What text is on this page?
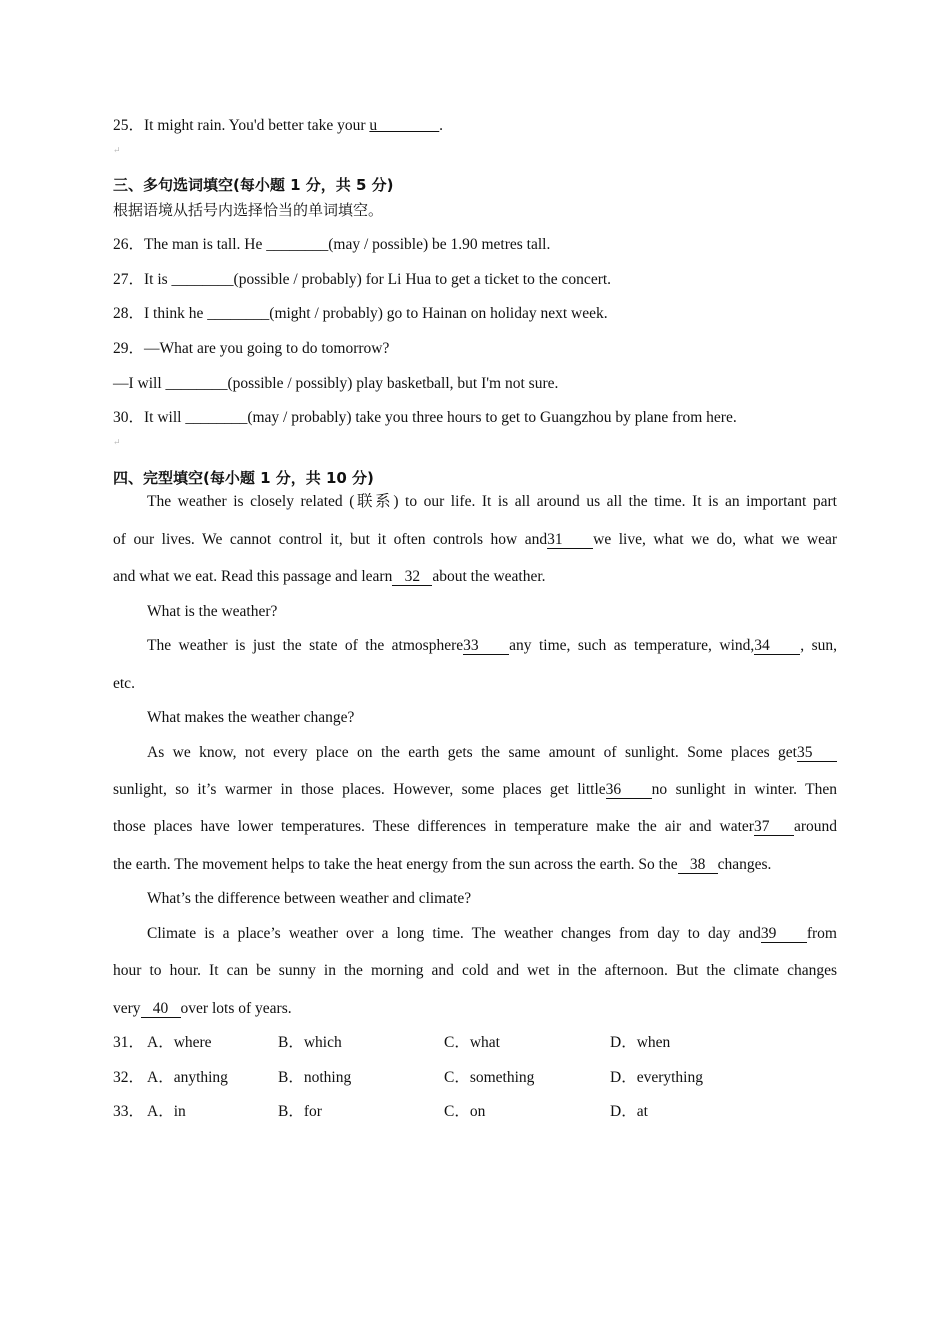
25．It might rain. You'd better take your u________.
↵
三、多句选词填空(每小题 1 分，共 5 分)
根据语境从括号内选择恰当的单词填空。
26．The man is tall. He ________(may / possible) be 1.90 metres tall.
27．It is ________(possible / probably) for Li Hua to get a ticket to the concert.
28．I think he ________(might / probably) go to Hainan on holiday next week.
29．—What are you going to do tomorrow?
—I will ________(possible / possibly) play basketball, but I'm not sure.
30．It will ________(may / probably) take you three hours to get to Guangzhou by plane from here.
↵
四、完型填空(每小题 1 分，共 10 分)
The weather is closely related (联系) to our life. It is all around us all the time. It is an important part
of our lives. We cannot control it, but it often controls how and31 we live, what we do, what we wear
and what we eat. Read this passage and learn 32 about the weather.
What is the weather?
The weather is just the state of the atmosphere33 any time, such as temperature, wind,34 , sun,
etc.
What makes the weather change?
As we know, not every place on the earth gets the same amount of sunlight. Some places get35
sunlight, so it’s warmer in those places. However, some places get little36 no sunlight in winter. Then
those places have lower temperatures. These differences in temperature make the air and water37 around
the earth. The movement helps to take the heat energy from the sun across the earth. So the 38 changes.
What’s the difference between weather and climate?
Climate is a place’s weather over a long time. The weather changes from day to day and39 from
hour to hour. It can be sunny in the morning and cold and wet in the afternoon. But the climate changes
very 40 over lots of years.
31． A．where	B．which	C．what	D．when
32． A．anything	B．nothing	C．something	D．everything
33． A．in	B．for	C．on	D．at
